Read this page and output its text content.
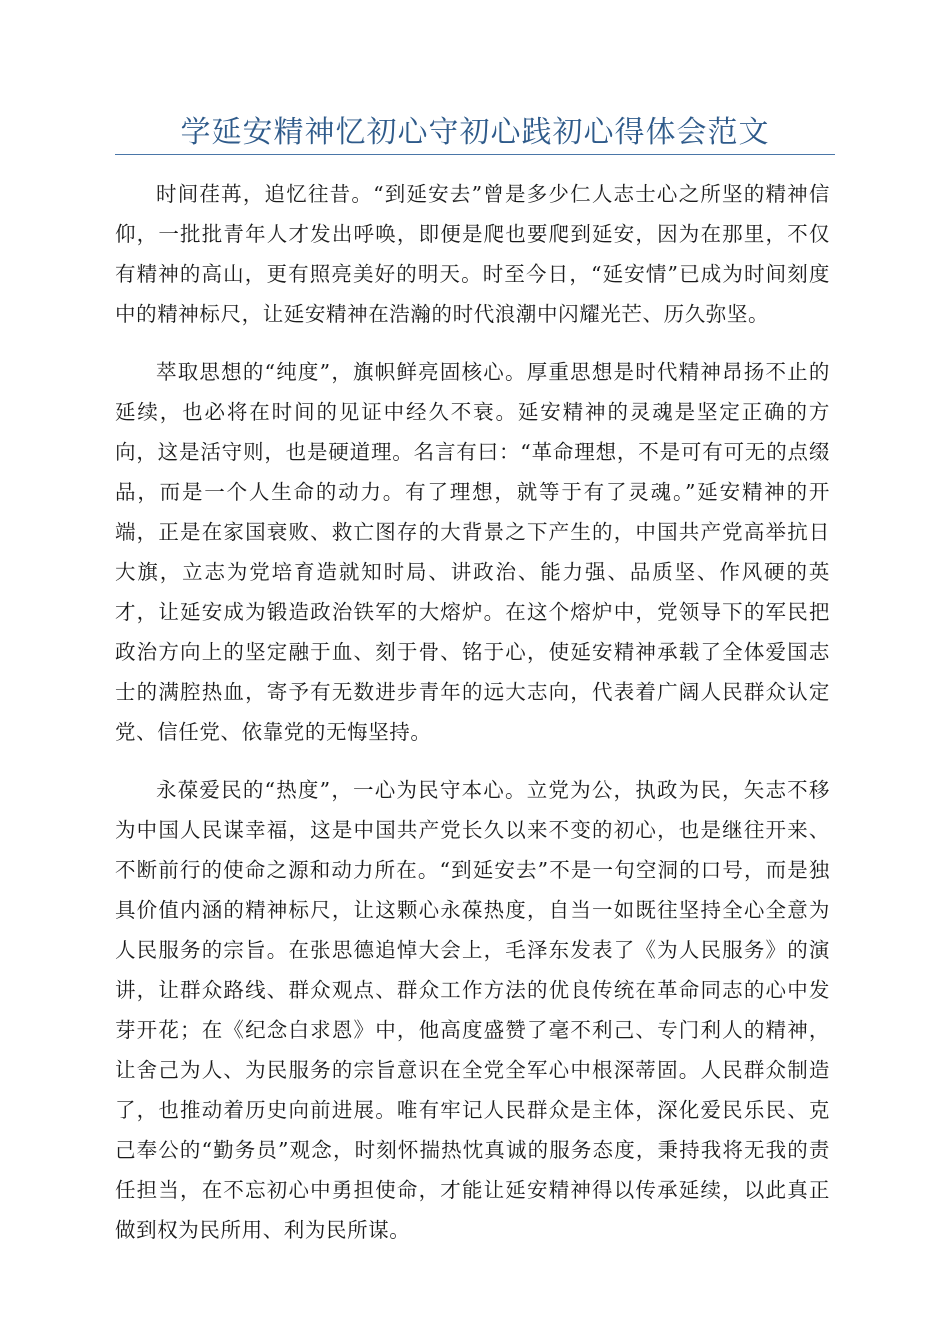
学延安精神忆初心守初心践初心得体会范文

时间荏苒，追忆往昔。“到延安去”曾是多少仁人志士心之所坚的精神信仰，一批批青年人才发出呼唤，即便是爬也要爬到延安，因为在那里，不仅有精神的高山，更有照亮美好的明天。时至今日，“延安情”已成为时间刻度中的精神标尺，让延安精神在浩瀚的时代浪潮中闪耀光芒、历久弥坚。

萃取思想的“纯度”，旗帜鲜亮固核心。厚重思想是时代精神昂扬不止的延续，也必将在时间的见证中经久不衰。延安精神的灵魂是坚定正确的方向，这是活守则，也是硬道理。名言有曰：“革命理想，不是可有可无的点缀品，而是一个人生命的动力。有了理想，就等于有了灵魂。”延安精神的开端，正是在家国衰败、救亡图存的大背景之下产生的，中国共产党高举抗日大旗，立志为党培育造就知时局、讲政治、能力强、品质坚、作风硬的英才，让延安成为锻造政治铁军的大熔炉。在这个熔炉中，党领导下的军民把政治方向上的坚定融于血、刻于骨、铭于心，使延安精神承载了全体爱国志士的满腔热血，寄予有无数进步青年的远大志向，代表着广阔人民群众认定党、信任党、依靠党的无悔坚持。

永葆爱民的“热度”，一心为民守本心。立党为公，执政为民，矢志不移为中国人民谋幸福，这是中国共产党长久以来不变的初心，也是继往开来、不断前行的使命之源和动力所在。“到延安去”不是一句空洞的口号，而是独具价值内涵的精神标尺，让这颗心永葆热度，自当一如既往坚持全心全意为人民服务的宗旨。在张思德追悼大会上，毛泽东发表了《为人民服务》的演讲，让群众路线、群众观点、群众工作方法的优良传统在革命同志的心中发芽开花；在《纪念白求恩》中，他高度盛赞了毫不利己、专门利人的精神，让舍己为人、为民服务的宗旨意识在全党全军心中根深蒂固。人民群众制造了，也推动着历史向前进展。唯有牢记人民群众是主体，深化爱民乐民、克己奉公的“勤务员”观念，时刻怀揣热忱真诚的服务态度，秉持我将无我的责任担当，在不忘初心中勇担使命，才能让延安精神得以传承延续，以此真正做到权为民所用、利为民所谋。
